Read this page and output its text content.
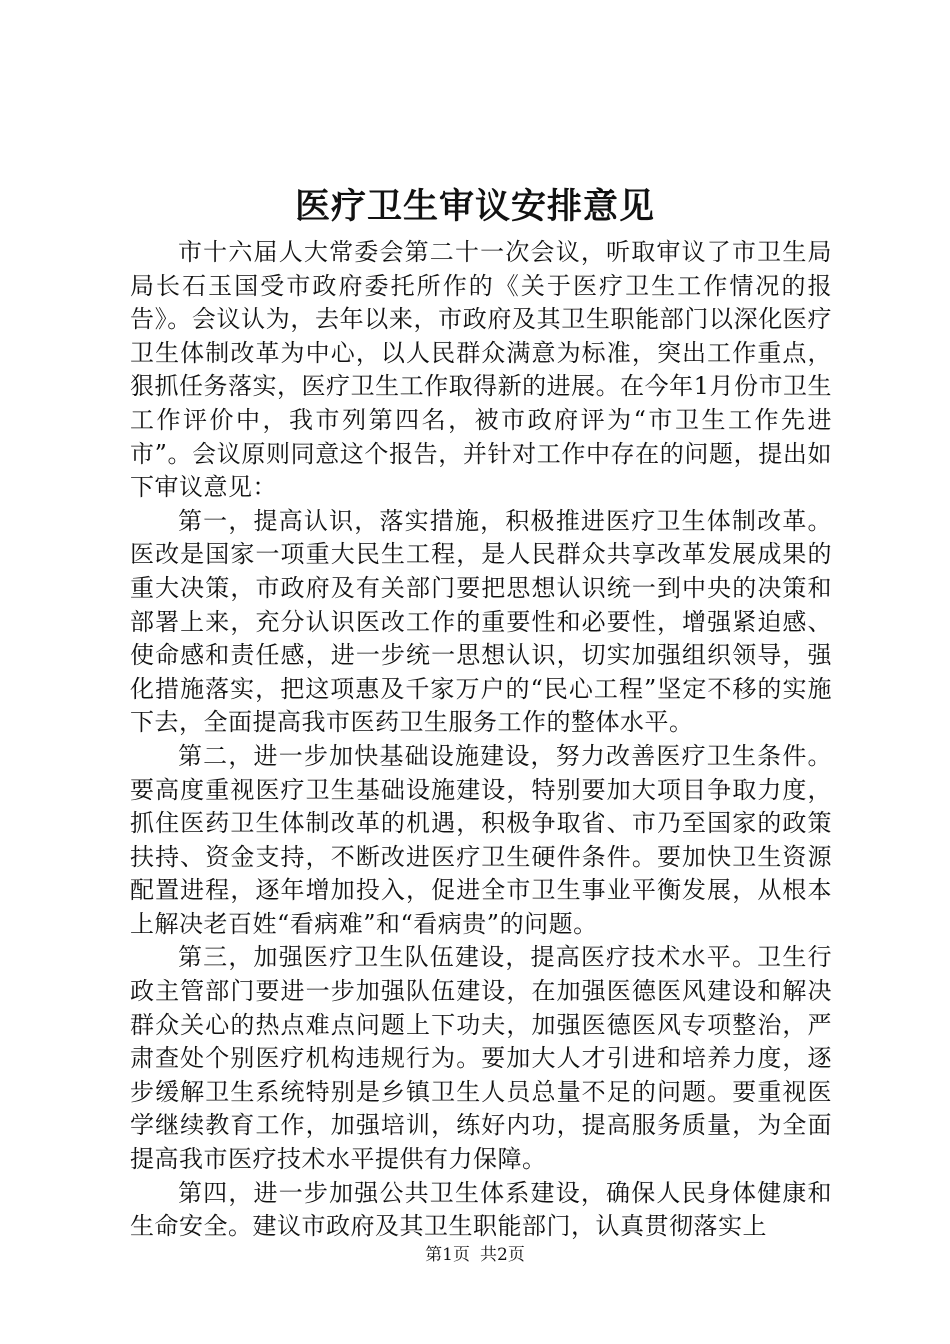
医疗卫生审议安排意见

市十六届人大常委会第二十一次会议，听取审议了市卫生局局长石玉国受市政府委托所作的《关于医疗卫生工作情况的报告》。会议认为，去年以来，市政府及其卫生职能部门以深化医疗卫生体制改革为中心，以人民群众满意为标准，突出工作重点，狠抓任务落实，医疗卫生工作取得新的进展。在今年1月份市卫生工作评价中，我市列第四名，被市政府评为“市卫生工作先进市”。会议原则同意这个报告，并针对工作中存在的问题，提出如下审议意见：

第一，提高认识，落实措施，积极推进医疗卫生体制改革。医改是国家一项重大民生工程，是人民群众共享改革发展成果的重大决策，市政府及有关部门要把思想认识统一到中央的决策和部署上来，充分认识医改工作的重要性和必要性，增强紧迫感、使命感和责任感，进一步统一思想认识，切实加强组织领导，强化措施落实，把这项惠及千家万户的“民心工程”坚定不移的实施下去，全面提高我市医药卫生服务工作的整体水平。

第二，进一步加快基础设施建设，努力改善医疗卫生条件。要高度重视医疗卫生基础设施建设，特别要加大项目争取力度，抓住医药卫生体制改革的机遇，积极争取省、市乃至国家的政策扶持、资金支持，不断改进医疗卫生硬件条件。要加快卫生资源配置进程，逐年增加投入，促进全市卫生事业平衡发展，从根本上解决老百姓“看病难”和“看病贵”的问题。

第三，加强医疗卫生队伍建设，提高医疗技术水平。卫生行政主管部门要进一步加强队伍建设，在加强医德医风建设和解决群众关心的热点难点问题上下功夫，加强医德医风专项整治，严肃查处个别医疗机构违规行为。要加大人才引进和培养力度，逐步缓解卫生系统特别是乡镇卫生人员总量不足的问题。要重视医学继续教育工作，加强培训，练好内功，提高服务质量，为全面提高我市医疗技术水平提供有力保障。

第四，进一步加强公共卫生体系建设，确保人民身体健康和生命安全。建议市政府及其卫生职能部门，认真贯彻落实上

第1页 共2页
